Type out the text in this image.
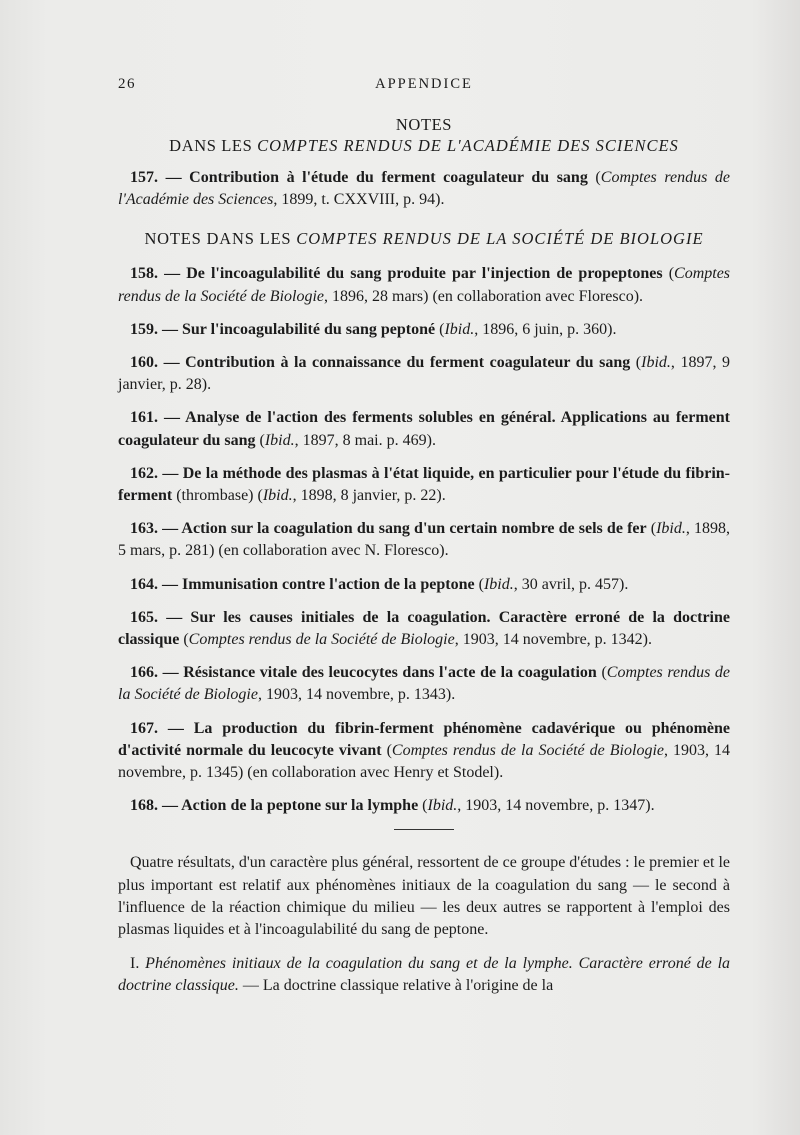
26	APPENDICE
NOTES
DANS LES COMPTES RENDUS DE L'ACADÉMIE DES SCIENCES

157. — Contribution à l'étude du ferment coagulateur du sang (Comptes rendus de l'Académie des Sciences, 1899, t. CXXVIII, p. 94).

NOTES DANS LES COMPTES RENDUS DE LA SOCIÉTÉ DE BIOLOGIE

158. — De l'incoagulabilité du sang produite par l'injection de propeptones (Comptes rendus de la Société de Biologie, 1896, 28 mars) (en collaboration avec Floresco).

159. — Sur l'incoagulabilité du sang peptoné (Ibid., 1896, 6 juin, p. 360).

160. — Contribution à la connaissance du ferment coagulateur du sang (Ibid., 1897, 9 janvier, p. 28).

161. — Analyse de l'action des ferments solubles en général. Applications au ferment coagulateur du sang (Ibid., 1897, 8 mai. p. 469).

162. — De la méthode des plasmas à l'état liquide, en particulier pour l'étude du fibrin-ferment (thrombase) (Ibid., 1898, 8 janvier, p. 22).

163. — Action sur la coagulation du sang d'un certain nombre de sels de fer (Ibid., 1898, 5 mars, p. 281) (en collaboration avec N. Floresco).

164. — Immunisation contre l'action de la peptone (Ibid., 30 avril, p. 457).

165. — Sur les causes initiales de la coagulation. Caractère erroné de la doctrine classique (Comptes rendus de la Société de Biologie, 1903, 14 novembre, p. 1342).

166. — Résistance vitale des leucocytes dans l'acte de la coagulation (Comptes rendus de la Société de Biologie, 1903, 14 novembre, p. 1343).

167. — La production du fibrin-ferment phénomène cadavérique ou phénomène d'activité normale du leucocyte vivant (Comptes rendus de la Société de Biologie, 1903, 14 novembre, p. 1345) (en collaboration avec Henry et Stodel).

168. — Action de la peptone sur la lymphe (Ibid., 1903, 14 novembre, p. 1347).

Quatre résultats, d'un caractère plus général, ressortent de ce groupe d'études : le premier et le plus important est relatif aux phénomènes initiaux de la coagulation du sang — le second à l'influence de la réaction chimique du milieu — les deux autres se rapportent à l'emploi des plasmas liquides et à l'incoagulabilité du sang de peptone.

I. Phénomènes initiaux de la coagulation du sang et de la lymphe. Caractère erroné de la doctrine classique. — La doctrine classique relative à l'origine de la
